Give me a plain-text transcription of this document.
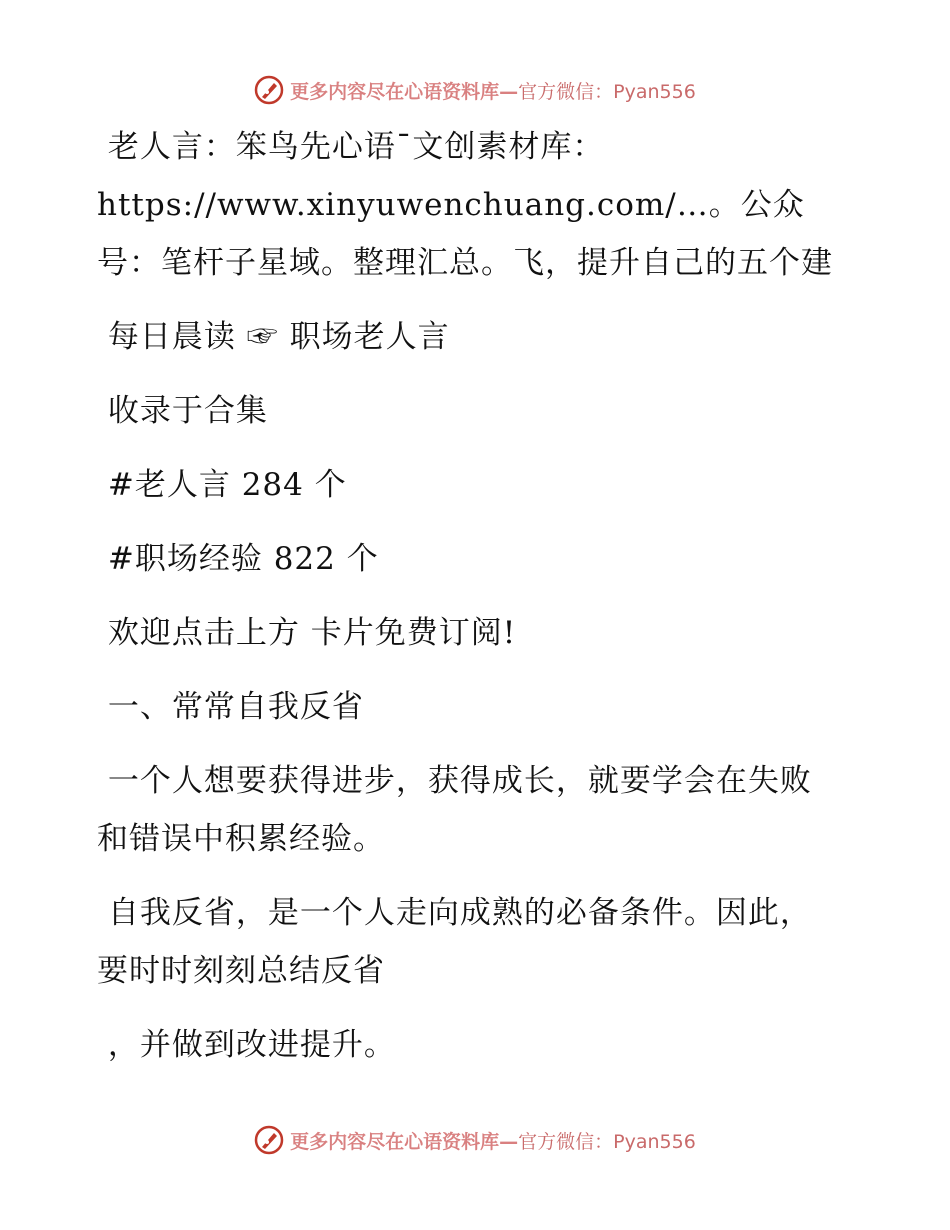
更多内容尽在心语资料库— 官方微信：Pyan556

老人言：笨鸟先心语¯文创素材库：https://www.xinyuwenchuang.com/…。公众号：笔杆子星域。整理汇总。飞，提升自己的五个建

每日晨读 ☞ 职场老人言

收录于合集

#老人言 284 个

#职场经验 822 个

欢迎点击上方 卡片免费订阅!

一、常常自我反省

一个人想要获得进步，获得成长，就要学会在失败和错误中积累经验。

自我反省，是一个人走向成熟的必备条件。因此，要时时刻刻总结反省

，并做到改进提升。

更多内容尽在心语资料库— 官方微信：Pyan556
